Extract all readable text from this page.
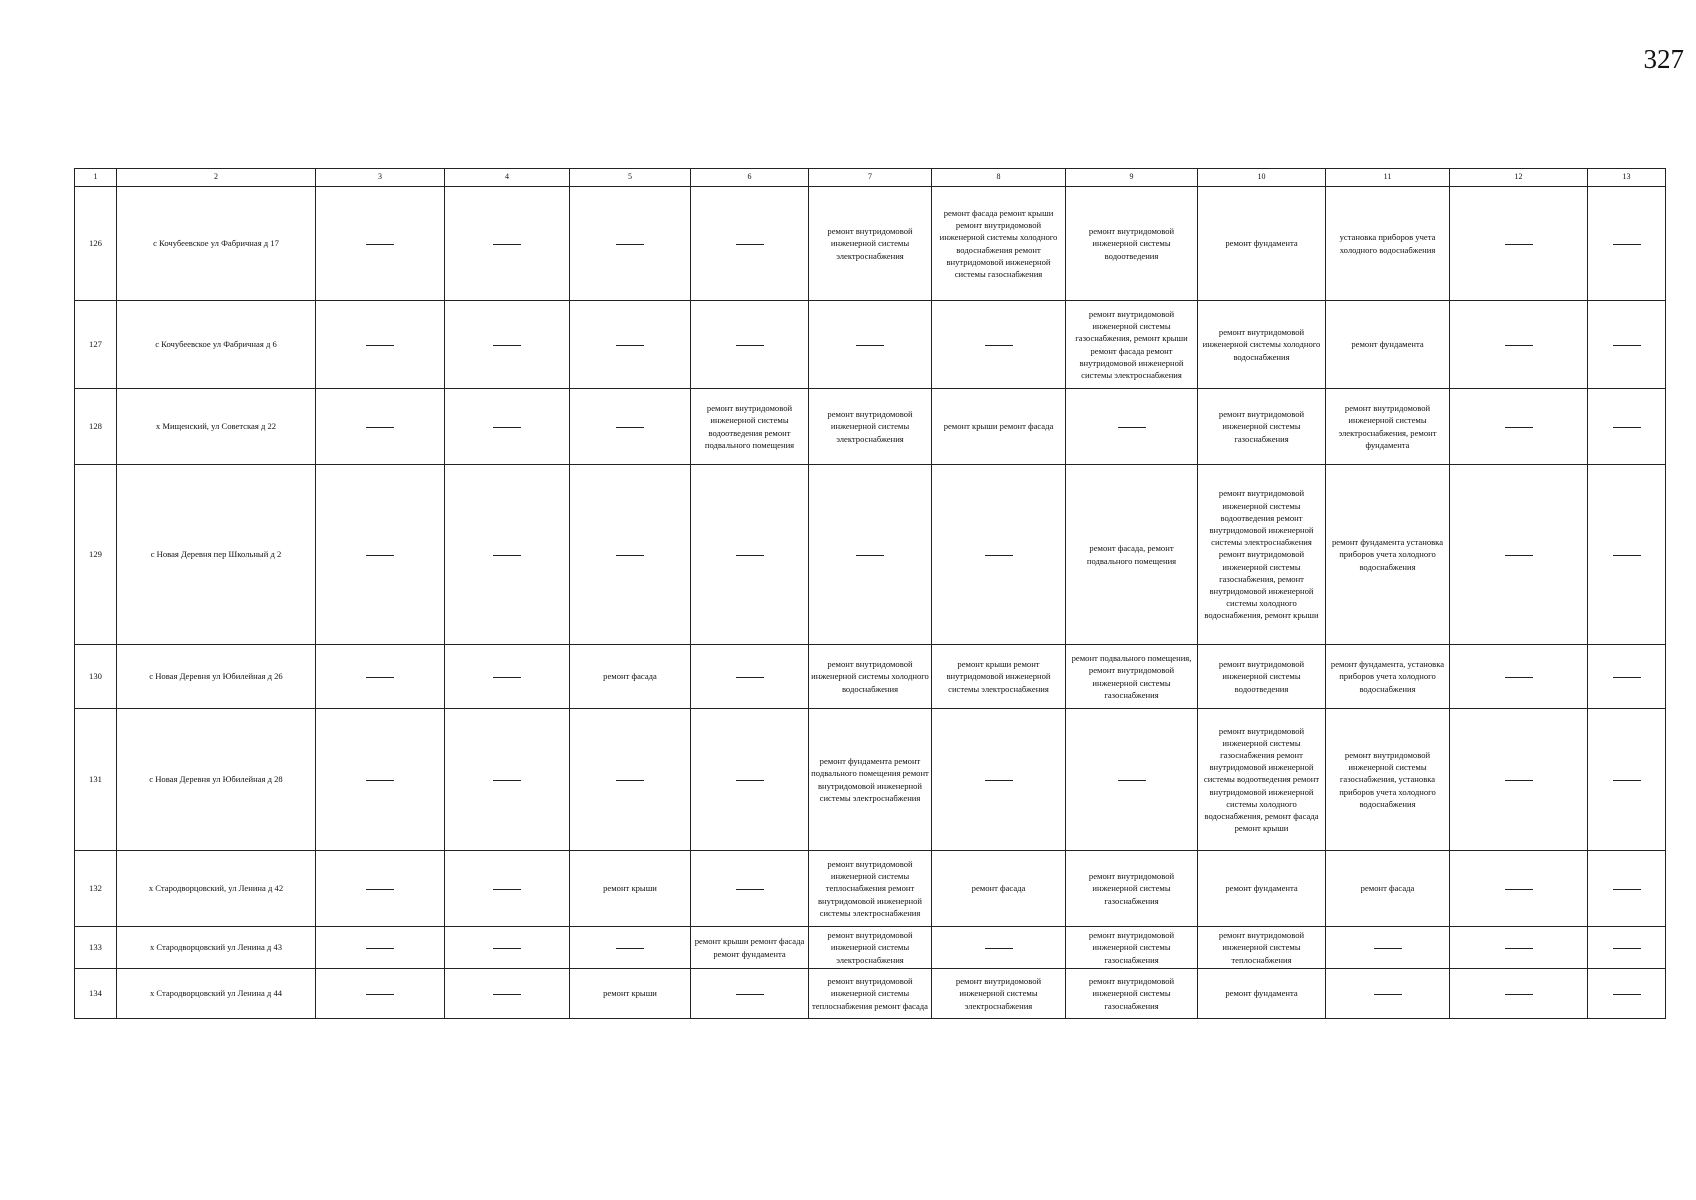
327
1	2	3	4	5	6	7	8	9	10	11	12	13
126	с Кочубеевское ул Фабричная д 17					ремонт внутридомовой инженерной системы электроснабжения	ремонт фасада ремонт крыши ремонт внутридомовой инженерной системы холодного водоснабжения ремонт внутридомовой инженерной системы газоснабжения	ремонт внутридомовой инженерной системы водоотведения	ремонт фундамента	установка приборов учета холодного водоснабжения		
127	с Кочубеевское ул Фабричная д 6							ремонт внутридомовой инженерной системы газоснабжения, ремонт крыши ремонт фасада ремонт внутридомовой инженерной системы электроснабжения	ремонт внутридомовой инженерной системы холодного водоснабжения	ремонт фундамента		
128	х Мищенский, ул Советская д 22				ремонт внутридомовой инженерной системы водоотведения ремонт подвального помещения	ремонт внутридомовой инженерной системы электроснабжения	ремонт крыши ремонт фасада		ремонт внутридомовой инженерной системы газоснабжения	ремонт внутридомовой инженерной системы электроснабжения, ремонт фундамента		
129	с Новая Деревня пер Школьный д 2							ремонт фасада, ремонт подвального помещения	ремонт внутридомовой инженерной системы водоотведения ремонт внутридомовой инженерной системы электроснабжения ремонт внутридомовой инженерной системы газоснабжения, ремонт внутридомовой инженерной системы холодного водоснабжения, ремонт крыши	ремонт фундамента установка приборов учета холодного водоснабжения		
130	с Новая Деревня ул Юбилейная д 26			ремонт фасада		ремонт внутридомовой инженерной системы холодного водоснабжения	ремонт крыши ремонт внутридомовой инженерной системы электроснабжения	ремонт подвального помещения, ремонт внутридомовой инженерной системы газоснабжения	ремонт внутридомовой инженерной системы водоотведения	ремонт фундамента, установка приборов учета холодного водоснабжения		
131	с Новая Деревня ул Юбилейная д 28					ремонт фундамента ремонт подвального помещения ремонт внутридомовой инженерной системы электроснабжения			ремонт внутридомовой инженерной системы газоснабжения ремонт внутридомовой инженерной системы водоотведения ремонт внутридомовой инженерной системы холодного водоснабжения, ремонт фасада ремонт крыши	ремонт внутридомовой инженерной системы газоснабжения, установка приборов учета холодного водоснабжения		
132	х Стародворцовский, ул Ленина д 42			ремонт крыши		ремонт внутридомовой инженерной системы теплоснабжения ремонт внутридомовой инженерной системы электроснабжения	ремонт фасада	ремонт внутридомовой инженерной системы газоснабжения	ремонт фундамента	ремонт фасада		
133	х Стародворцовский ул Ленина д 43				ремонт крыши ремонт фасада ремонт фундамента	ремонт внутридомовой инженерной системы электроснабжения		ремонт внутридомовой инженерной системы газоснабжения	ремонт внутридомовой инженерной системы теплоснабжения			
134	х Стародворцовский ул Ленина д 44			ремонт крыши		ремонт внутридомовой инженерной системы теплоснабжения ремонт фасада	ремонт внутридомовой инженерной системы электроснабжения	ремонт внутридомовой инженерной системы газоснабжения	ремонт фундамента			
